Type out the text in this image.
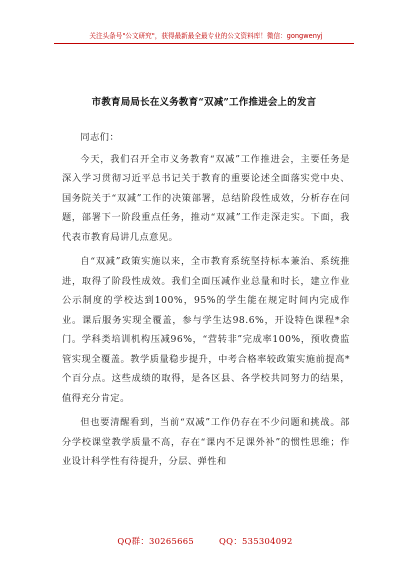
关注头条号"公文研究"，获得最新最全最专业的公文资料库！微信：gongwenyj
市教育局局长在义务教育“双减”工作推进会上的发言

同志们：

今天，我们召开全市义务教育“双减”工作推进会，主要任务是深入学习贯彻习近平总书记关于教育的重要论述全面落实党中央、国务院关于“双减”工作的决策部署，总结阶段性成效，分析存在问题，部署下一阶段重点任务，推动“双减”工作走深走实。下面，我代表市教育局讲几点意见。

自“双减”政策实施以来，全市教育系统坚持标本兼治、系统推进，取得了阶段性成效。我们全面压减作业总量和时长，建立作业公示制度的学校达到100%，95%的学生能在规定时间内完成作业。课后服务实现全覆盖，参与学生达98.6%，开设特色课程*余门。学科类培训机构压减96%，“营转非”完成率100%，预收费监管实现全覆盖。教学质量稳步提升，中考合格率较政策实施前提高*个百分点。这些成绩的取得，是各区县、各学校共同努力的结果，值得充分肯定。

但也要清醒看到，当前“双减”工作仍存在不少问题和挑战。部分学校课堂教学质量不高，存在“课内不足课外补”的惯性思维；作业设计科学性有待提升，分层、弹性和

QQ群：30265665	QQ：535304092
